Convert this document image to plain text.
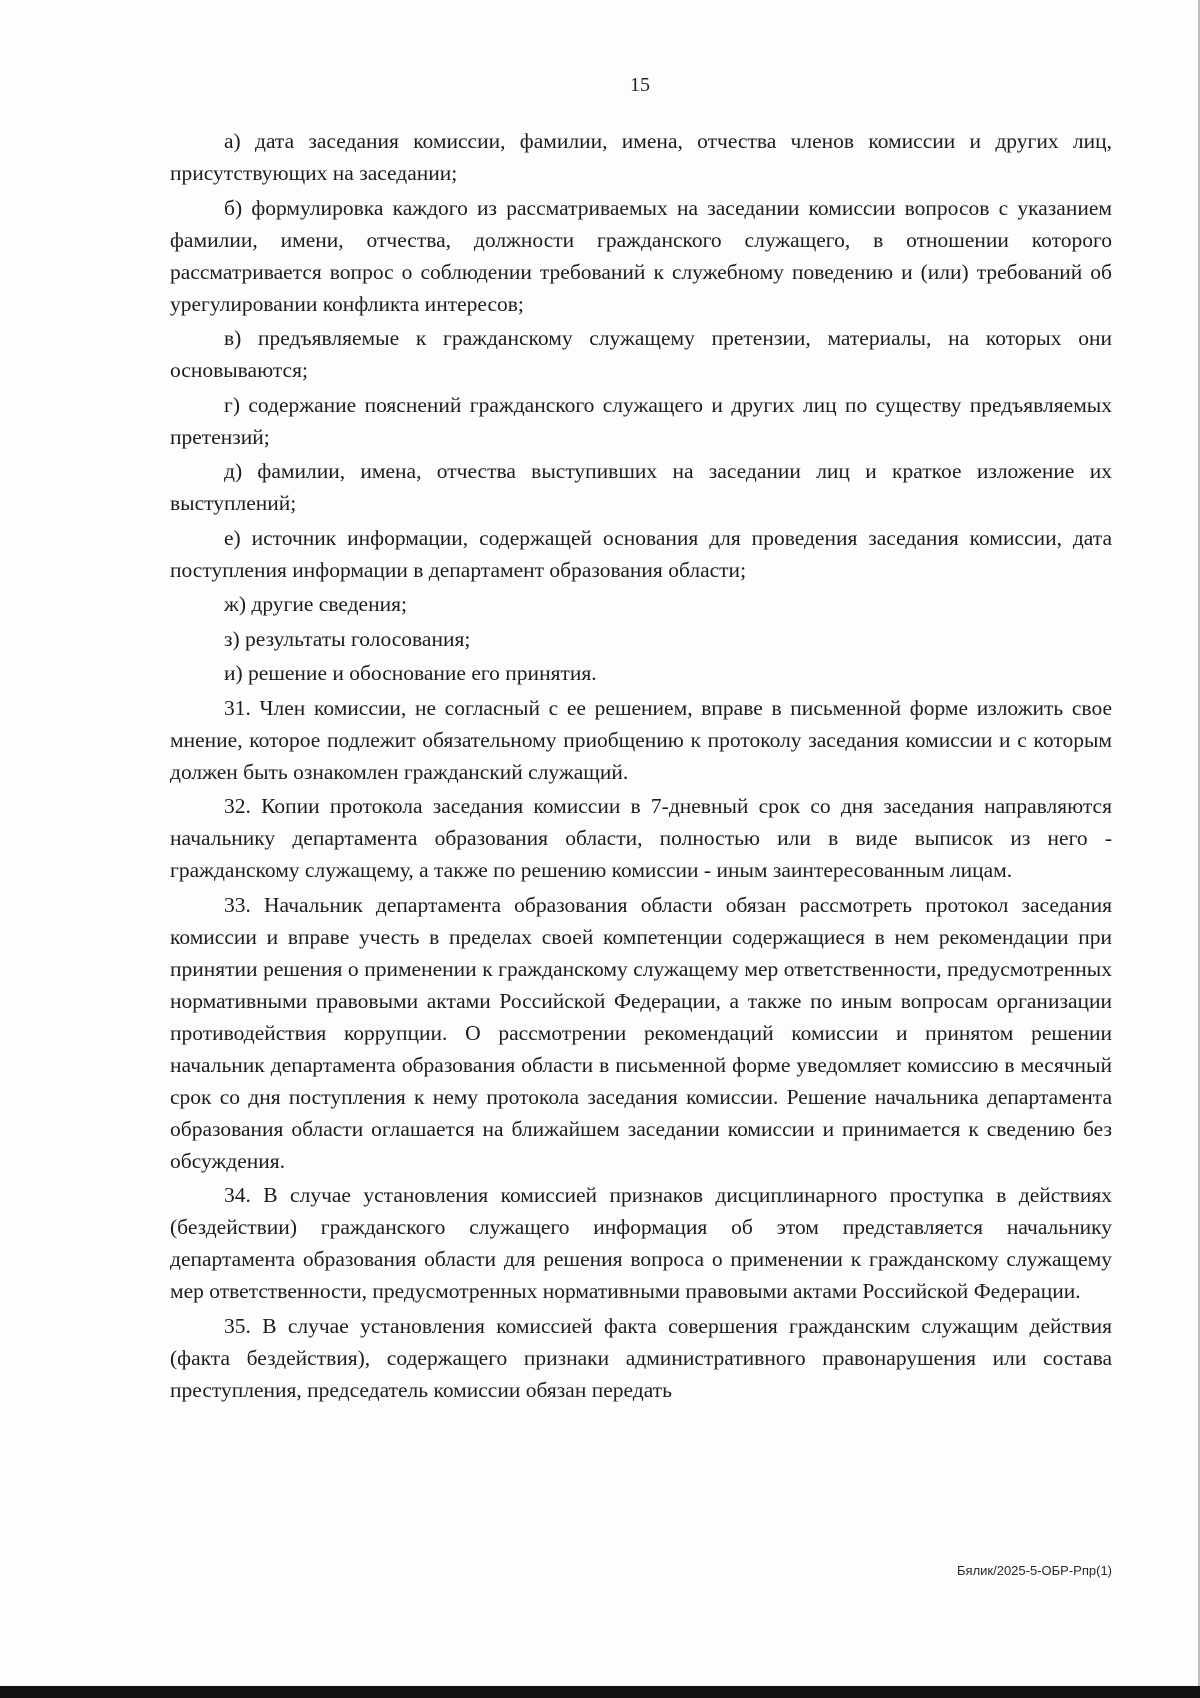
15

а) дата заседания комиссии, фамилии, имена, отчества членов комиссии и других лиц, присутствующих на заседании;

б) формулировка каждого из рассматриваемых на заседании комиссии вопросов с указанием фамилии, имени, отчества, должности гражданского служащего, в отношении которого рассматривается вопрос о соблюдении требований к служебному поведению и (или) требований об урегулировании конфликта интересов;

в) предъявляемые к гражданскому служащему претензии, материалы, на которых они основываются;

г) содержание пояснений гражданского служащего и других лиц по существу предъявляемых претензий;

д) фамилии, имена, отчества выступивших на заседании лиц и краткое изложение их выступлений;

е) источник информации, содержащей основания для проведения заседания комиссии, дата поступления информации в департамент образования области;

ж) другие сведения;

з) результаты голосования;

и) решение и обоснование его принятия.

31. Член комиссии, не согласный с ее решением, вправе в письменной форме изложить свое мнение, которое подлежит обязательному приобщению к протоколу заседания комиссии и с которым должен быть ознакомлен гражданский служащий.

32. Копии протокола заседания комиссии в 7-дневный срок со дня заседания направляются начальнику департамента образования области, полностью или в виде выписок из него - гражданскому служащему, а также по решению комиссии - иным заинтересованным лицам.

33. Начальник департамента образования области обязан рассмотреть протокол заседания комиссии и вправе учесть в пределах своей компетенции содержащиеся в нем рекомендации при принятии решения о применении к гражданскому служащему мер ответственности, предусмотренных нормативными правовыми актами Российской Федерации, а также по иным вопросам организации противодействия коррупции. О рассмотрении рекомендаций комиссии и принятом решении начальник департамента образования области в письменной форме уведомляет комиссию в месячный срок со дня поступления к нему протокола заседания комиссии. Решение начальника департамента образования области оглашается на ближайшем заседании комиссии и принимается к сведению без обсуждения.

34. В случае установления комиссией признаков дисциплинарного проступка в действиях (бездействии) гражданского служащего информация об этом представляется начальнику департамента образования области для решения вопроса о применении к гражданскому служащему мер ответственности, предусмотренных нормативными правовыми актами Российской Федерации.

35. В случае установления комиссией факта совершения гражданским служащим действия (факта бездействия), содержащего признаки административного правонарушения или состава преступления, председатель комиссии обязан передать

Бялик/2025-5-ОБР-Рпр(1)
